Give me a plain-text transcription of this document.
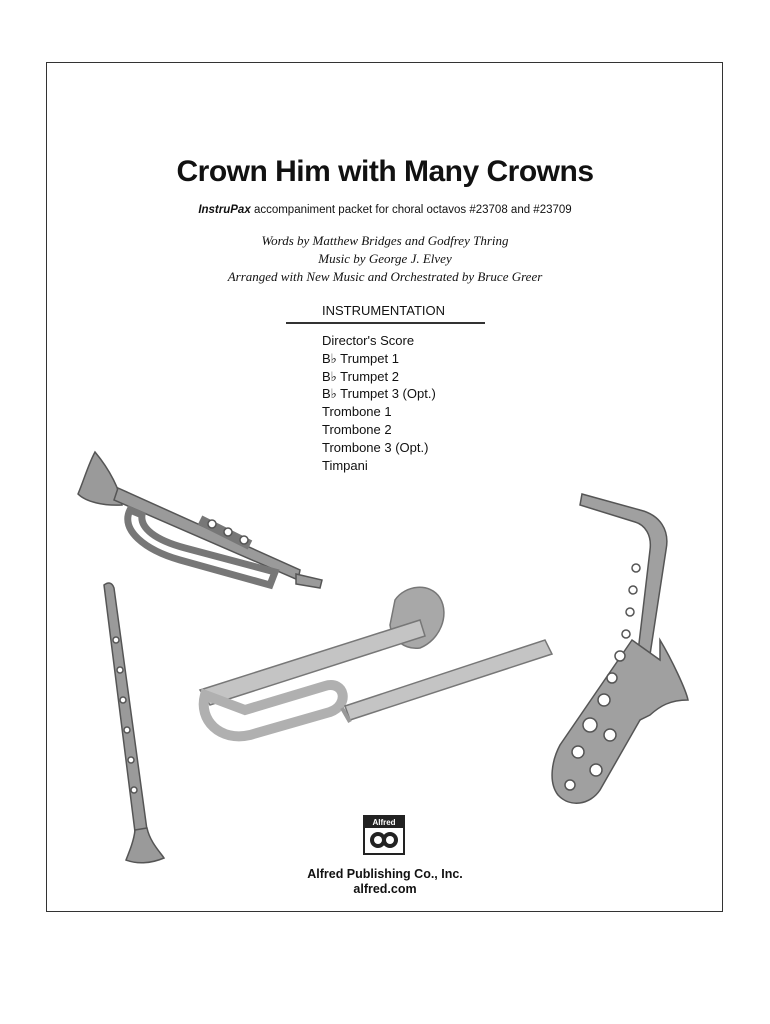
Crown Him with Many Crowns
InstruPax accompaniment packet for choral octavos #23708 and #23709
Words by Matthew Bridges and Godfrey Thring
Music by George J. Elvey
Arranged with New Music and Orchestrated by Bruce Greer
INSTRUMENTATION
Director's Score
B♭ Trumpet 1
B♭ Trumpet 2
B♭ Trumpet 3 (Opt.)
Trombone 1
Trombone 2
Trombone 3 (Opt.)
Timpani
Alfred
Alfred Publishing Co., Inc.
alfred.com
